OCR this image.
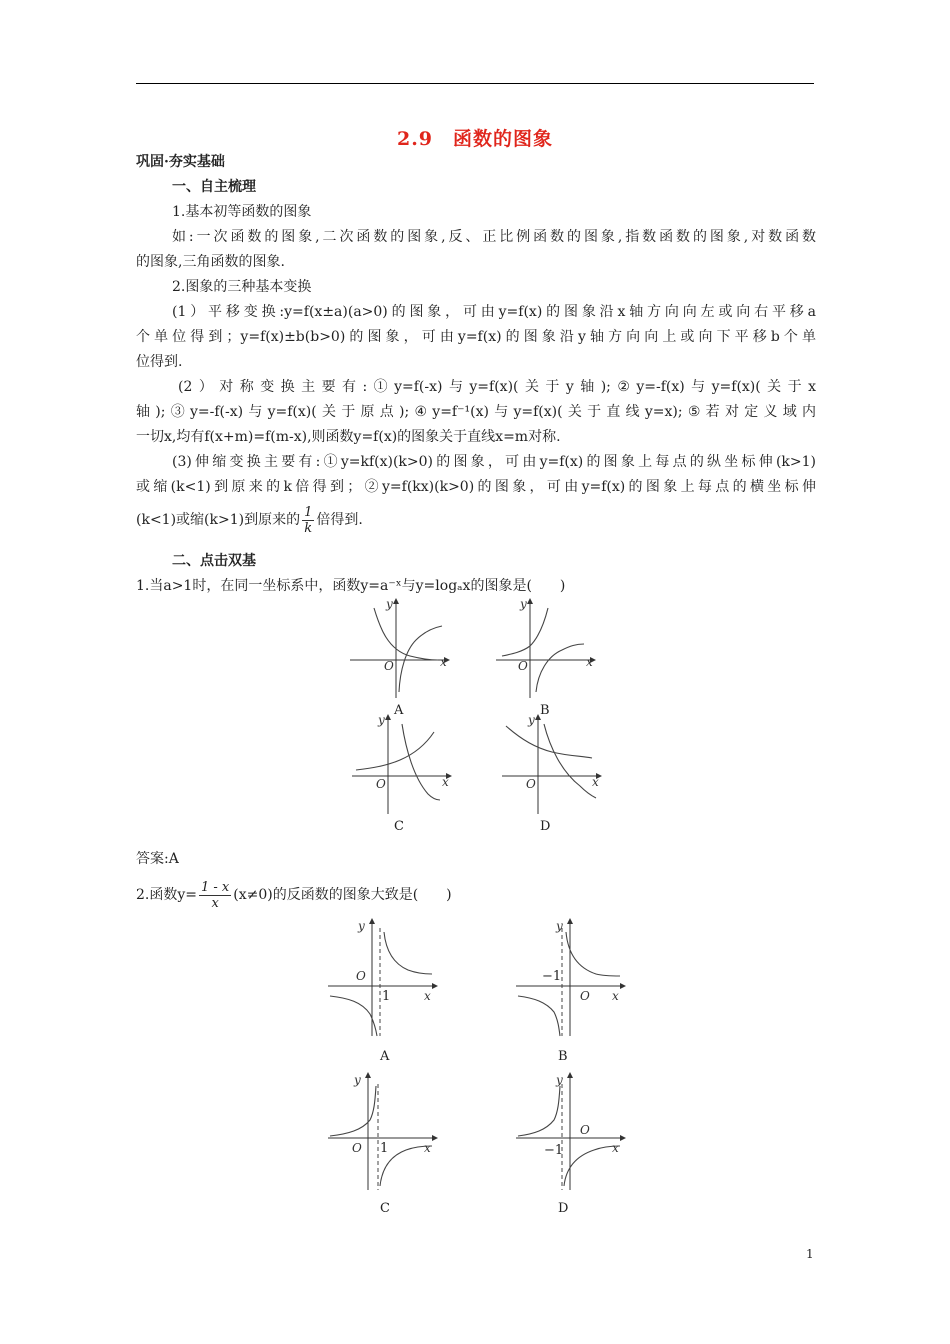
2.9　函数的图象
巩固·夯实基础
一、自主梳理
1.基本初等函数的图象
如:一次函数的图象,二次函数的图象,反、正比例函数的图象,指数函数的图象,对数函数
的图象,三角函数的图象.
2.图象的三种基本变换
(1）平移变换:y=f(x±a)(a>0)的图象，可由y=f(x)的图象沿x轴方向向左或向右平移a
个单位得到；y=f(x)±b(b>0)的图象，可由y=f(x)的图象沿y轴方向向上或向下平移b个单
位得到.
(2）对称变换主要有:①y=f(-x)与y=f(x)(关于y轴);②y=-f(x)与y=f(x)(关于x
轴);③y=-f(-x)与y=f(x)(关于原点);④y=f⁻¹(x)与y=f(x)(关于直线y=x);⑤若对定义域内
一切x,均有f(x+m)=f(m-x),则函数y=f(x)的图象关于直线x=m对称.
(3)伸缩变换主要有:①y=kf(x)(k>0)的图象，可由y=f(x)的图象上每点的纵坐标伸(k>1)
或缩(k<1)到原来的k倍得到；②y=f(kx)(k>0)的图象，可由y=f(x)的图象上每点的横坐标伸
(k<1)或缩(k>1)到原来的 $\frac{1}{k}$ 倍得到.
二、点击双基
1.当a>1时，在同一坐标系中，函数y=a⁻ˣ与y=logₐx的图象是(　　)
O	x
y
A
O	x
y
B
O	x
y
C
O	x
y
D
答案:A
2.函数$y= \frac{1 - x}{x} (x\ne 0)$的反函数的图象大致是(　　)
O
1	x
y
A
−1
O x
y
B
O 1	x
y
C
O
−1	x
y
D
1
